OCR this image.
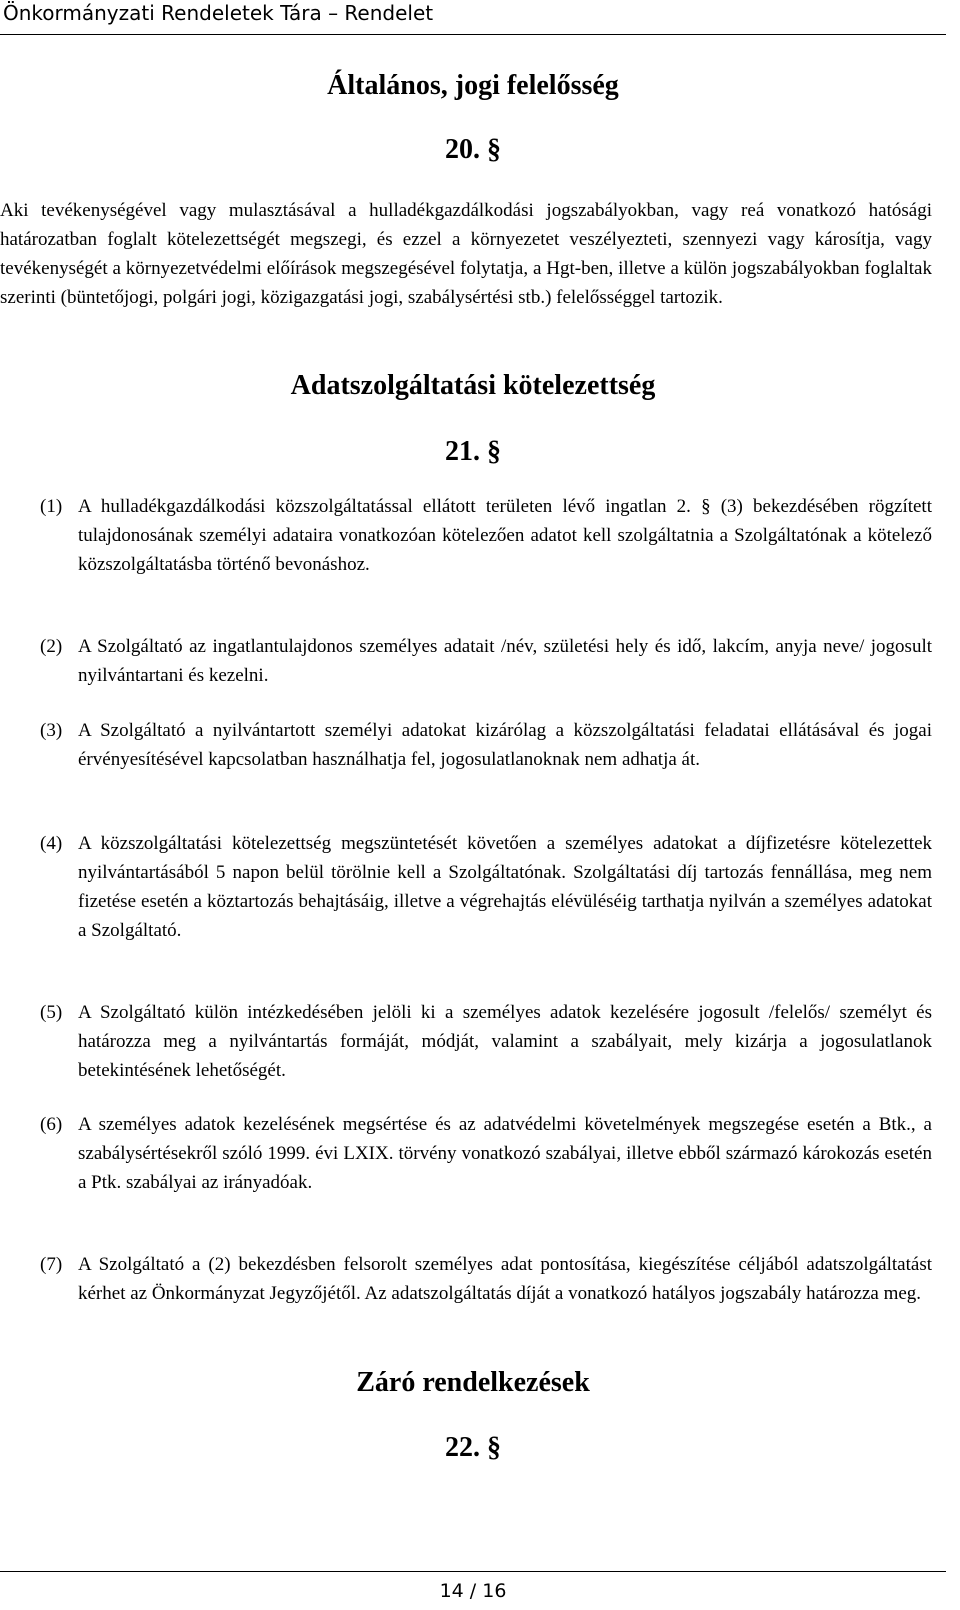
Önkormányzati Rendeletek Tára – Rendelet
Általános, jogi felelősség
20. §
Aki tevékenységével vagy mulasztásával a hulladékgazdálkodási jogszabályokban, vagy reá vonatkozó hatósági határozatban foglalt kötelezettségét megszegi, és ezzel a környezetet veszélyezteti, szennyezi vagy károsítja, vagy tevékenységét a környezetvédelmi előírások megszegésével folytatja, a Hgt-ben, illetve a külön jogszabályokban foglaltak szerinti (büntetőjogi, polgári jogi, közigazgatási jogi, szabálysértési stb.) felelősséggel tartozik.
Adatszolgáltatási kötelezettség
21. §
(1) A hulladékgazdálkodási közszolgáltatással ellátott területen lévő ingatlan 2. § (3) bekezdésében rögzített tulajdonosának személyi adataira vonatkozóan kötelezően adatot kell szolgáltatnia a Szolgáltatónak a kötelező közszolgáltatásba történő bevonáshoz.
(2) A Szolgáltató az ingatlantulajdonos személyes adatait /név, születési hely és idő, lakcím, anyja neve/ jogosult nyilvántartani és kezelni.
(3) A Szolgáltató a nyilvántartott személyi adatokat kizárólag a közszolgáltatási feladatai ellátásával és jogai érvényesítésével kapcsolatban használhatja fel, jogosulatlanoknak nem adhatja át.
(4) A közszolgáltatási kötelezettség megszüntetését követően a személyes adatokat a díjfizetésre kötelezettek nyilvántartásából 5 napon belül törölnie kell a Szolgáltatónak. Szolgáltatási díj tartozás fennállása, meg nem fizetése esetén a köztartozás behajtásáig, illetve a végrehajtás elévüléséig tarthatja nyilván a személyes adatokat a Szolgáltató.
(5) A Szolgáltató külön intézkedésében jelöli ki a személyes adatok kezelésére jogosult /felelős/ személyt és határozza meg a nyilvántartás formáját, módját, valamint a szabályait, mely kizárja a jogosulatlanok betekintésének lehetőségét.
(6) A személyes adatok kezelésének megsértése és az adatvédelmi követelmények megszegése esetén a Btk., a szabálysértésekről szóló 1999. évi LXIX. törvény vonatkozó szabályai, illetve ebből származó károkozás esetén a Ptk. szabályai az irányadóak.
(7) A Szolgáltató a (2) bekezdésben felsorolt személyes adat pontosítása, kiegészítése céljából adatszolgáltatást kérhet az Önkormányzat Jegyzőjétől. Az adatszolgáltatás díját a vonatkozó hatályos jogszabály határozza meg.
Záró rendelkezések
22. §
14 / 16
